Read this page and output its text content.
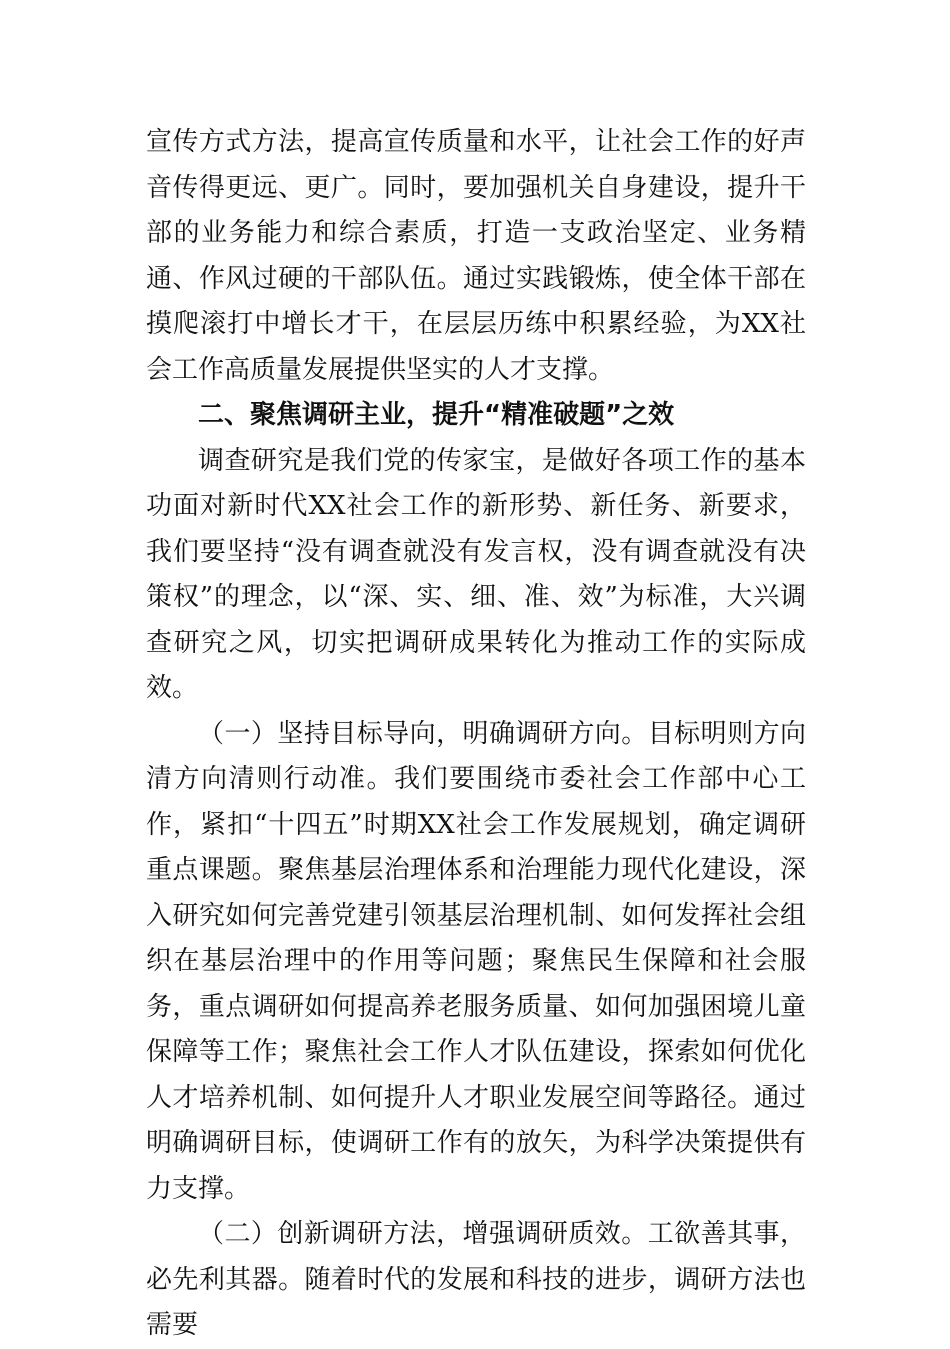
宣传方式方法，提高宣传质量和水平，让社会工作的好声音传得更远、更广。同时，要加强机关自身建设，提升干部的业务能力和综合素质，打造一支政治坚定、业务精通、作风过硬的干部队伍。通过实践锻炼，使全体干部在摸爬滚打中增长才干，在层层历练中积累经验，为XX社会工作高质量发展提供坚实的人才支撑。

二、聚焦调研主业，提升“精准破题”之效

调查研究是我们党的传家宝，是做好各项工作的基本功面对新时代XX社会工作的新形势、新任务、新要求，我们要坚持“没有调查就没有发言权，没有调查就没有决策权”的理念，以“深、实、细、准、效”为标准，大兴调查研究之风，切实把调研成果转化为推动工作的实际成效。

（一）坚持目标导向，明确调研方向。目标明则方向清方向清则行动准。我们要围绕市委社会工作部中心工作，紧扣“十四五”时期XX社会工作发展规划，确定调研重点课题。聚焦基层治理体系和治理能力现代化建设，深入研究如何完善党建引领基层治理机制、如何发挥社会组织在基层治理中的作用等问题；聚焦民生保障和社会服务，重点调研如何提高养老服务质量、如何加强困境儿童保障等工作；聚焦社会工作人才队伍建设，探索如何优化人才培养机制、如何提升人才职业发展空间等路径。通过明确调研目标，使调研工作有的放矢，为科学决策提供有力支撑。

（二）创新调研方法，增强调研质效。工欲善其事，必先利其器。随着时代的发展和科技的进步，调研方法也需要
